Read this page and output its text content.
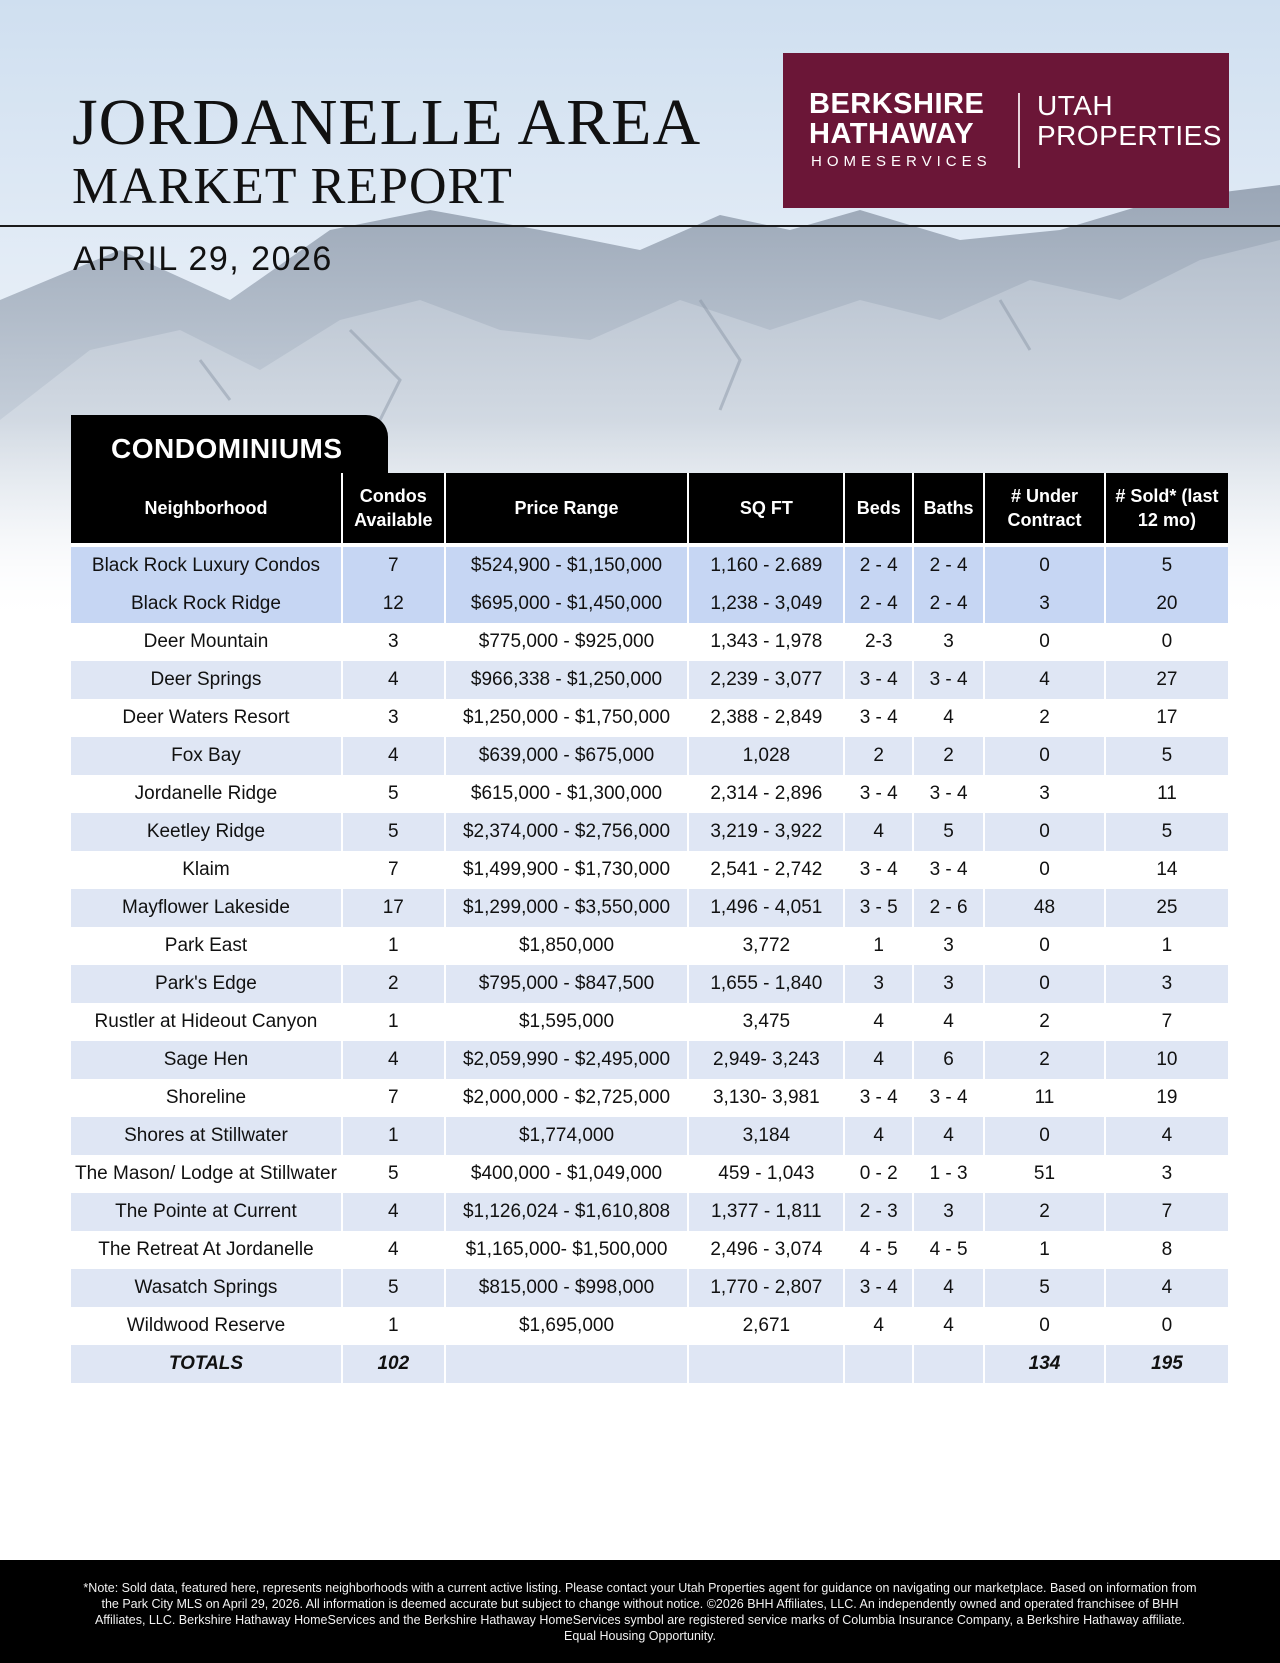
JORDANELLE AREA
MARKET REPORT
APRIL 29, 2026
BERKSHIRE
HATHAWAY
HOMESERVICES
UTAH
PROPERTIES
CONDOMINIUMS
Neighborhood	Condos Available	Price Range	SQ FT	Beds	Baths	# Under Contract	# Sold* (last 12 mo)

Black Rock Luxury Condos	7	$524,900 - $1,150,000	1,160 - 2.689	2 - 4	2 - 4	0	5
Black Rock Ridge	12	$695,000 - $1,450,000	1,238 - 3,049	2 - 4	2 - 4	3	20
Deer Mountain	3	$775,000 - $925,000	1,343 - 1,978	2-3	3	0	0
Deer Springs	4	$966,338 - $1,250,000	2,239 - 3,077	3 - 4	3 - 4	4	27
Deer Waters Resort	3	$1,250,000 - $1,750,000	2,388 - 2,849	3 - 4	4	2	17
Fox Bay	4	$639,000 - $675,000	1,028	2	2	0	5
Jordanelle Ridge	5	$615,000 - $1,300,000	2,314 - 2,896	3 - 4	3 - 4	3	11
Keetley Ridge	5	$2,374,000 - $2,756,000	3,219 - 3,922	4	5	0	5
Klaim	7	$1,499,900 - $1,730,000	2,541 - 2,742	3 - 4	3 - 4	0	14
Mayflower Lakeside	17	$1,299,000 - $3,550,000	1,496 - 4,051	3 - 5	2 - 6	48	25
Park East	1	$1,850,000	3,772	1	3	0	1
Park's Edge	2	$795,000 - $847,500	1,655 - 1,840	3	3	0	3
Rustler at Hideout Canyon	1	$1,595,000	3,475	4	4	2	7
Sage Hen	4	$2,059,990 - $2,495,000	2,949- 3,243	4	6	2	10
Shoreline	7	$2,000,000 - $2,725,000	3,130- 3,981	3 - 4	3 - 4	11	19
Shores at Stillwater	1	$1,774,000	3,184	4	4	0	4
The Mason/ Lodge at Stillwater	5	$400,000 - $1,049,000	459 - 1,043	0 - 2	1 - 3	51	3
The Pointe at Current	4	$1,126,024 - $1,610,808	1,377 - 1,811	2 - 3	3	2	7
The Retreat At Jordanelle	4	$1,165,000- $1,500,000	2,496 - 3,074	4 - 5	4 - 5	1	8
Wasatch Springs	5	$815,000 - $998,000	1,770 - 2,807	3 - 4	4	5	4
Wildwood Reserve	1	$1,695,000	2,671	4	4	0	0
TOTALS	102					134	195

*Note: Sold data, featured here, represents neighborhoods with a current active listing. Please contact your Utah Properties agent for guidance on navigating our marketplace. Based on information from the Park City MLS on April 29, 2026. All information is deemed accurate but subject to change without notice. ©2026 BHH Affiliates, LLC. An independently owned and operated franchisee of BHH Affiliates, LLC. Berkshire Hathaway HomeServices and the Berkshire Hathaway HomeServices symbol are registered service marks of Columbia Insurance Company, a Berkshire Hathaway affiliate. Equal Housing Opportunity.
